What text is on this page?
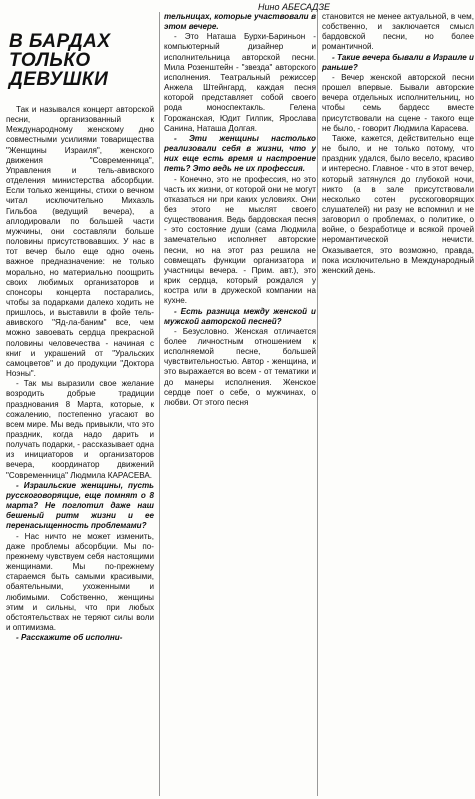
Нино АБЕСАДЗЕ
В БАРДАХ
ТОЛЬКО
ДЕВУШКИ

Так и назывался концерт авторской песни, организованный к Международному женскому дню совместными усилиями товарищества "Женщины Израиля", женского движения "Современница", Управления и тель-авивского отделения министерства абсорбции. Если только женщины, стихи о вечном читал исключительно Михаэль Гильбоа (ведущий вечера), а аплодировали по большей части мужчины, они составляли больше половины присутствовавших. У нас в тот вечер было еще одно очень важное предназначение: не только морально, но материально поощрить своих любимых организаторов и спонсоры концерта постарались, чтобы за подарками далеко ходить не пришлось, и выставили в фойе тель-авивского "Яд-ла-баним" все, чем можно завоевать сердца прекрасной половины человечества - начиная с книг и украшений от "Уральских самоцветов" и до продукции "Доктора Ноэны".

- Так мы выразили свое желание возродить добрые традиции празднования 8 Марта, которые, к сожалению, постепенно угасают во всем мире. Мы ведь привыкли, что это праздник, когда надо дарить и получать подарки, - рассказывает одна из инициаторов и организаторов вечера, координатор движений "Современница" Людмила КАРАСЕВА.

- Израильские женщины, пусть русскоговорящие, еще помнят о 8 марта? Не поглотил даже наш бешеный ритм жизни и ее перенасыщенность проблемами?

- Нас ничто не может изменить, даже проблемы абсорбции. Мы по-прежнему чувствуем себя настоящими женщинами. Мы по-прежнему стараемся быть самыми красивыми, обаятельными, ухоженными и любимыми. Собственно, женщины этим и сильны, что при любых обстоятельствах не теряют силы воли и оптимизма.

- Расскажите об исполни-

тельницах, которые участвовали в этом вечере.

- Это Наташа Бурхи-Бариньон - компьютерный дизайнер и исполнительница авторской песни. Мила Розенштейн - "звезда" авторского исполнения. Театральный режиссер Анжела Штейнгард, каждая песня которой представляет собой своего рода моноспектакль. Гелена Горожанская, Юдит Гилпик, Ярослава Санина, Наташа Долгая.

- Эти женщины настолько реализовали себя в жизни, что у них еще есть время и настроение петь? Это ведь не их профессия.

- Конечно, это не профессия, но это часть их жизни, от которой они не могут отказаться ни при каких условиях. Они без этого не мыслят своего существования. Ведь бардовская песня - это состояние души (сама Людмила замечательно исполняет авторские песни, но на этот раз решила не совмещать функции организатора и участницы вечера. - Прим. авт.), это крик сердца, который рождался у костра или в дружеской компании на кухне.

- Есть разница между женской и мужской авторской песней?

- Безусловно. Женская отличается более личностным отношением к исполняемой песне, большей чувствительностью. Автор - женщина, и это выражается во всем - от тематики и до манеры исполнения. Женское сердце поет о себе, о мужчинах, о любви. От этого песня

становится не менее актуальной, в чем, собственно, и заключается смысл бардовской песни, но более романтичной.

- Такие вечера бывали в Израиле и раньше?

- Вечер женской авторской песни прошел впервые. Бывали авторские вечера отдельных исполнительниц, но чтобы семь бардесс вместе присутствовали на сцене - такого еще не было, - говорит Людмила Карасева.

Также, кажется, действительно еще не было, и не только потому, что праздник удался, было весело, красиво и интересно. Главное - что в этот вечер, который затянулся до глубокой ночи, никто (а в зале присутствовали несколько сотен русскоговорящих слушателей) ни разу не вспомнил и не заговорил о проблемах, о политике, о войне, о безработице и всякой прочей неромантической нечисти. Оказывается, это возможно, правда, пока исключительно в Международный женский день.
